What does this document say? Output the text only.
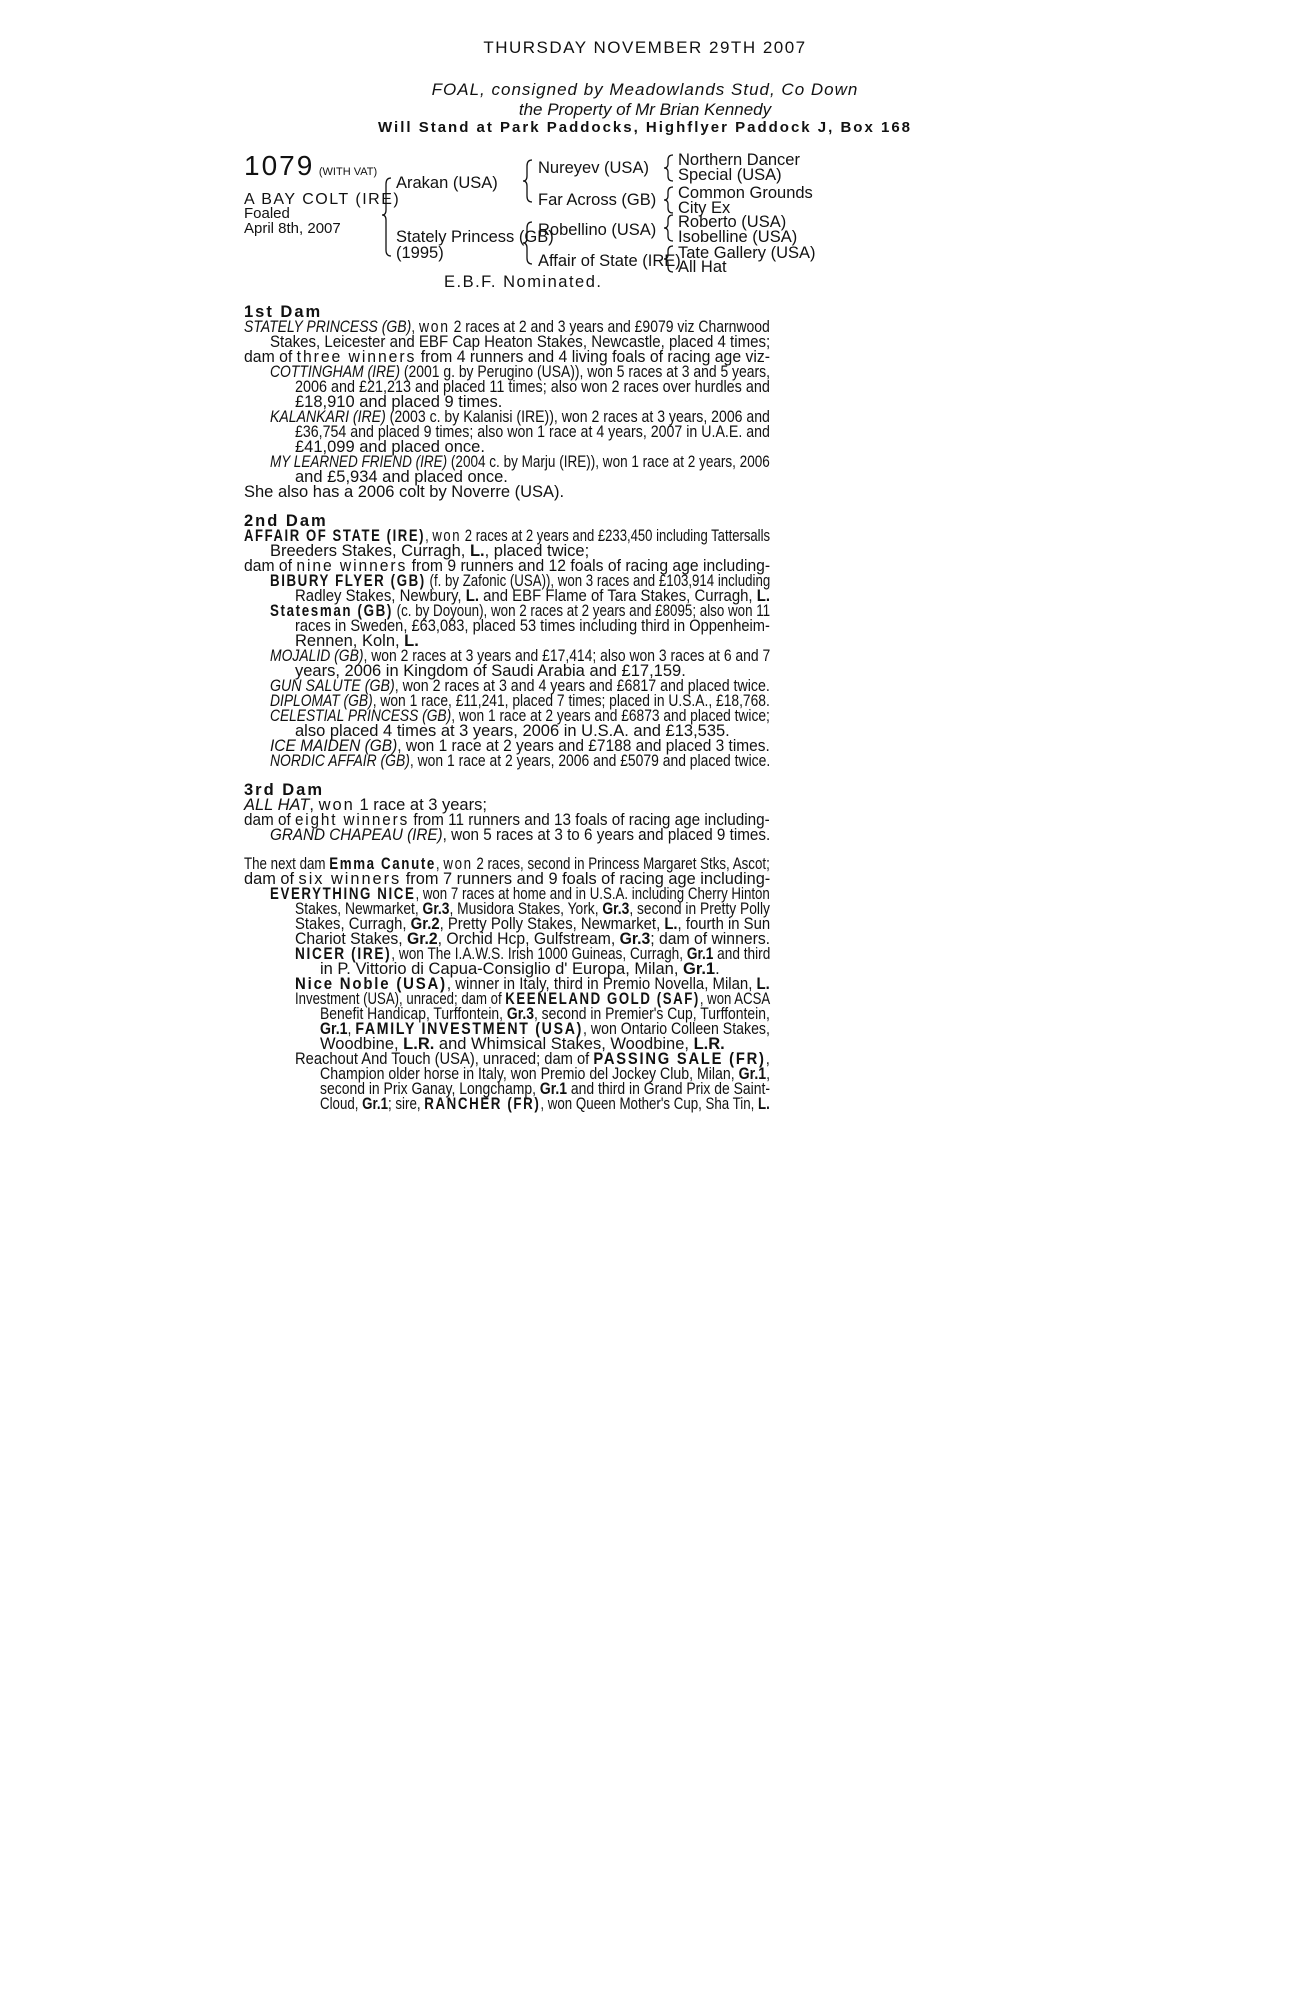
THURSDAY NOVEMBER 29TH 2007
FOAL, consigned by Meadowlands Stud, Co Down
the Property of Mr Brian Kennedy
Will Stand at Park Paddocks, Highflyer Paddock J, Box 168
1079 (WITH VAT)
A BAY COLT (IRE)
Foaled
April 8th, 2007
Arakan (USA)
Stately Princess (GB)
(1995)
Nureyev (USA)
Far Across (GB)
Robellino (USA)
Affair of State (IRE)
Northern Dancer
Special (USA)
Common Grounds
City Ex
Roberto (USA)
Isobelline (USA)
Tate Gallery (USA)
All Hat
E.B.F. Nominated.
1st Dam
STATELY PRINCESS (GB), won 2 races at 2 and 3 years and £9079 viz Charnwood
Stakes, Leicester and EBF Cap Heaton Stakes, Newcastle, placed 4 times;
dam of three winners from 4 runners and 4 living foals of racing age viz-
COTTINGHAM (IRE) (2001 g. by Perugino (USA)), won 5 races at 3 and 5 years,
2006 and £21,213 and placed 11 times; also won 2 races over hurdles and
£18,910 and placed 9 times.
KALANKARI (IRE) (2003 c. by Kalanisi (IRE)), won 2 races at 3 years, 2006 and
£36,754 and placed 9 times; also won 1 race at 4 years, 2007 in U.A.E. and
£41,099 and placed once.
MY LEARNED FRIEND (IRE) (2004 c. by Marju (IRE)), won 1 race at 2 years, 2006
and £5,934 and placed once.
She also has a 2006 colt by Noverre (USA).
2nd Dam
AFFAIR OF STATE (IRE), won 2 races at 2 years and £233,450 including Tattersalls
Breeders Stakes, Curragh, L., placed twice;
dam of nine winners from 9 runners and 12 foals of racing age including-
BIBURY FLYER (GB) (f. by Zafonic (USA)), won 3 races and £103,914 including
Radley Stakes, Newbury, L. and EBF Flame of Tara Stakes, Curragh, L.
Statesman (GB) (c. by Doyoun), won 2 races at 2 years and £8095; also won 11
races in Sweden, £63,083, placed 53 times including third in Oppenheim-
Rennen, Koln, L.
MOJALID (GB), won 2 races at 3 years and £17,414; also won 3 races at 6 and 7
years, 2006 in Kingdom of Saudi Arabia and £17,159.
GUN SALUTE (GB), won 2 races at 3 and 4 years and £6817 and placed twice.
DIPLOMAT (GB), won 1 race, £11,241, placed 7 times; placed in U.S.A., £18,768.
CELESTIAL PRINCESS (GB), won 1 race at 2 years and £6873 and placed twice;
also placed 4 times at 3 years, 2006 in U.S.A. and £13,535.
ICE MAIDEN (GB), won 1 race at 2 years and £7188 and placed 3 times.
NORDIC AFFAIR (GB), won 1 race at 2 years, 2006 and £5079 and placed twice.
3rd Dam
ALL HAT, won 1 race at 3 years;
dam of eight winners from 11 runners and 13 foals of racing age including-
GRAND CHAPEAU (IRE), won 5 races at 3 to 6 years and placed 9 times.
The next dam Emma Canute, won 2 races, second in Princess Margaret Stks, Ascot;
dam of six winners from 7 runners and 9 foals of racing age including-
EVERYTHING NICE, won 7 races at home and in U.S.A. including Cherry Hinton
Stakes, Newmarket, Gr.3, Musidora Stakes, York, Gr.3, second in Pretty Polly
Stakes, Curragh, Gr.2, Pretty Polly Stakes, Newmarket, L., fourth in Sun
Chariot Stakes, Gr.2, Orchid Hcp, Gulfstream, Gr.3; dam of winners.
NICER (IRE), won The I.A.W.S. Irish 1000 Guineas, Curragh, Gr.1 and third
in P. Vittorio di Capua-Consiglio d' Europa, Milan, Gr.1.
Nice Noble (USA), winner in Italy, third in Premio Novella, Milan, L.
Investment (USA), unraced; dam of KEENELAND GOLD (SAF), won ACSA
Benefit Handicap, Turffontein, Gr.3, second in Premier's Cup, Turffontein,
Gr.1, FAMILY INVESTMENT (USA), won Ontario Colleen Stakes,
Woodbine, L.R. and Whimsical Stakes, Woodbine, L.R.
Reachout And Touch (USA), unraced; dam of PASSING SALE (FR),
Champion older horse in Italy, won Premio del Jockey Club, Milan, Gr.1,
second in Prix Ganay, Longchamp, Gr.1 and third in Grand Prix de Saint-
Cloud, Gr.1; sire, RANCHER (FR), won Queen Mother's Cup, Sha Tin, L.
